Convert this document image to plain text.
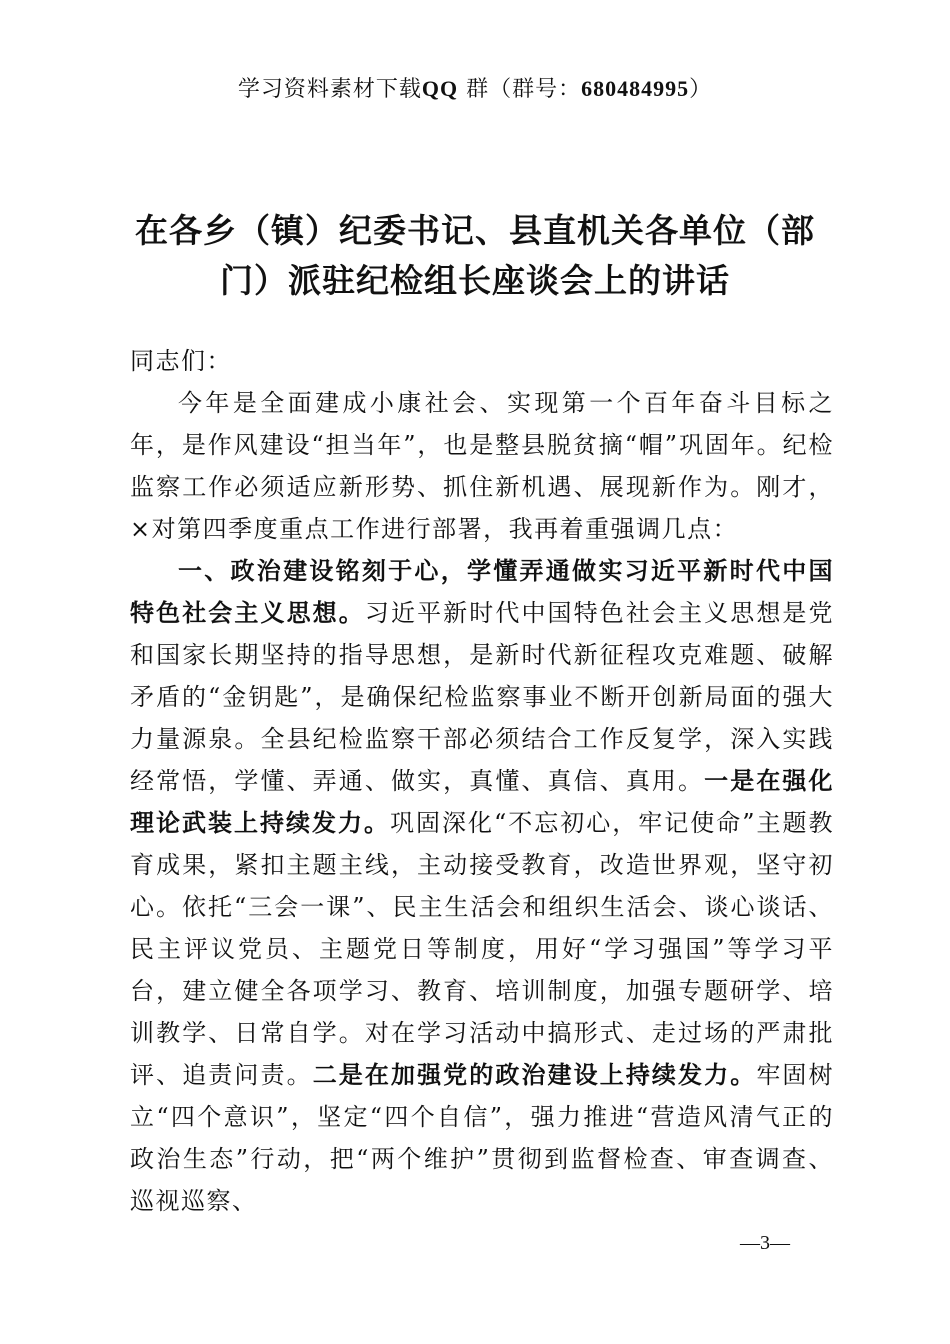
学习资料素材下载QQ 群（群号：680484995）
在各乡（镇）纪委书记、县直机关各单位（部
门）派驻纪检组长座谈会上的讲话

同志们：

今年是全面建成小康社会、实现第一个百年奋斗目标之年，是作风建设“担当年”，也是整县脱贫摘“帽”巩固年。纪检监察工作必须适应新形势、抓住新机遇、展现新作为。刚才，×对第四季度重点工作进行部署，我再着重强调几点：

一、政治建设铭刻于心，学懂弄通做实习近平新时代中国特色社会主义思想。习近平新时代中国特色社会主义思想是党和国家长期坚持的指导思想，是新时代新征程攻克难题、破解矛盾的“金钥匙”，是确保纪检监察事业不断开创新局面的强大力量源泉。全县纪检监察干部必须结合工作反复学，深入实践经常悟，学懂、弄通、做实，真懂、真信、真用。一是在强化理论武装上持续发力。巩固深化“不忘初心，牢记使命”主题教育成果，紧扣主题主线，主动接受教育，改造世界观，坚守初心。依托“三会一课”、民主生活会和组织生活会、谈心谈话、民主评议党员、主题党日等制度，用好“学习强国”等学习平台，建立健全各项学习、教育、培训制度，加强专题研学、培训教学、日常自学。对在学习活动中搞形式、走过场的严肃批评、追责问责。二是在加强党的政治建设上持续发力。牢固树立“四个意识”，坚定“四个自信”，强力推进“营造风清气正的政治生态”行动，把“两个维护”贯彻到监督检查、审查调查、巡视巡察、

—3—
